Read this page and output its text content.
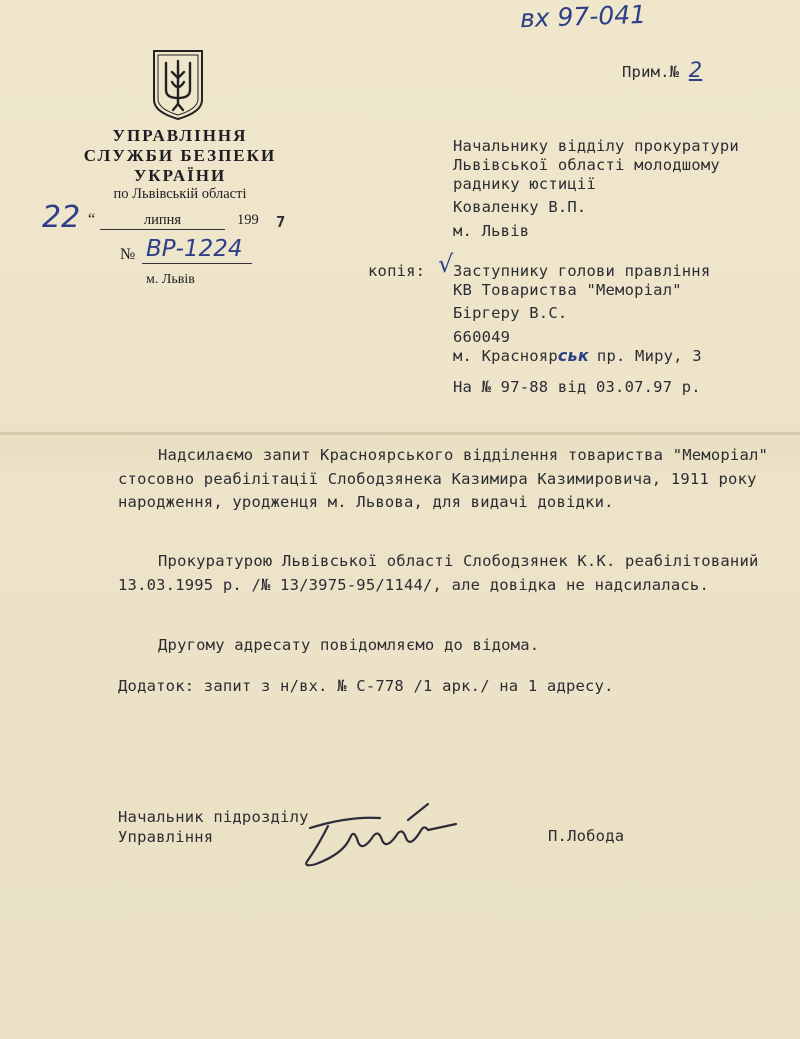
вх 97-041
Прим.№ 2
УПРАВЛІННЯ
СЛУЖБИ БЕЗПЕКИ
УКРАЇНИ
по Львівській області
22 “	липня	199 7
№ ВР-1224
м. Львів
Начальнику відділу прокуратури
Львівської області молодшому
раднику юстиції
Коваленку В.П.
м. Львів
копія: √ Заступнику голови правління
КВ Товариства "Меморіал"
Біргеру В.С.
660049
м. Красноярськ пр. Миру, 3
На № 97-88 від 03.07.97 р.
Надсилаємо запит Красноярського відділення товариства "Меморіал" стосовно реабілітації Слободзянека Казимира Казимировича, 1911 року народження, уродженця м. Львова, для видачі довідки.
Прокуратурою Львівської області Слободзянек К.К. реабілітований 13.03.1995 р. /№ 13/3975-95/1144/, але довідка не надсилалась.
Другому адресату повідомляємо до відома.
Додаток: запит з н/вх. № С-778 /1 арк./ на 1 адресу.
Начальник підрозділу
Управління	П.Лобода
